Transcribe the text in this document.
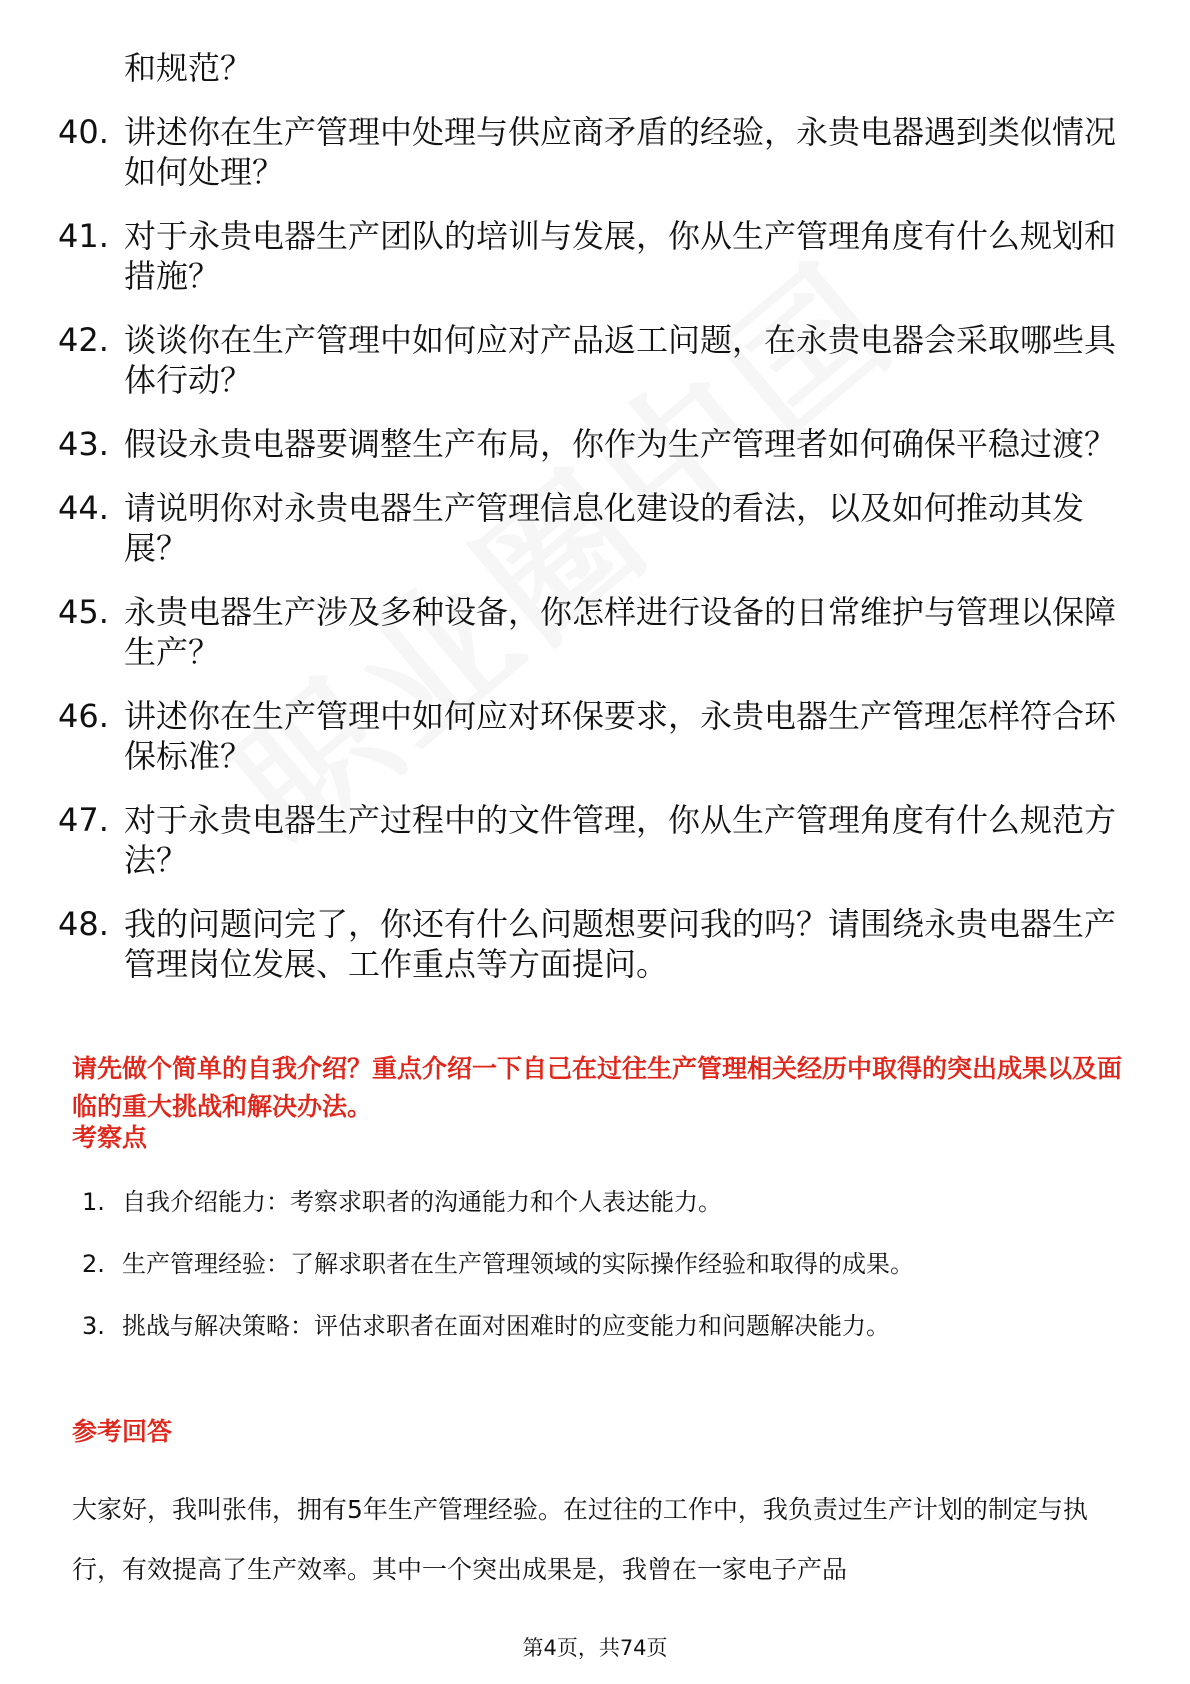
和规范？
40. 讲述你在生产管理中处理与供应商矛盾的经验，永贵电器遇到类似情况如何处理？
41. 对于永贵电器生产团队的培训与发展，你从生产管理角度有什么规划和措施？
42. 谈谈你在生产管理中如何应对产品返工问题，在永贵电器会采取哪些具体行动？
43. 假设永贵电器要调整生产布局，你作为生产管理者如何确保平稳过渡？
44. 请说明你对永贵电器生产管理信息化建设的看法，以及如何推动其发展？
45. 永贵电器生产涉及多种设备，你怎样进行设备的日常维护与管理以保障生产？
46. 讲述你在生产管理中如何应对环保要求，永贵电器生产管理怎样符合环保标准？
47. 对于永贵电器生产过程中的文件管理，你从生产管理角度有什么规范方法？
48. 我的问题问完了，你还有什么问题想要问我的吗？请围绕永贵电器生产管理岗位发展、工作重点等方面提问。
请先做个简单的自我介绍？重点介绍一下自己在过往生产管理相关经历中取得的突出成果以及面临的重大挑战和解决办法。
考察点
1. 自我介绍能力：考察求职者的沟通能力和个人表达能力。
2. 生产管理经验：了解求职者在生产管理领域的实际操作经验和取得的成果。
3. 挑战与解决策略：评估求职者在面对困难时的应变能力和问题解决能力。
参考回答
大家好，我叫张伟，拥有5年生产管理经验。在过往的工作中，我负责过生产计划的制定与执行，有效提高了生产效率。其中一个突出成果是，我曾在一家电子产品
第4页，共74页
